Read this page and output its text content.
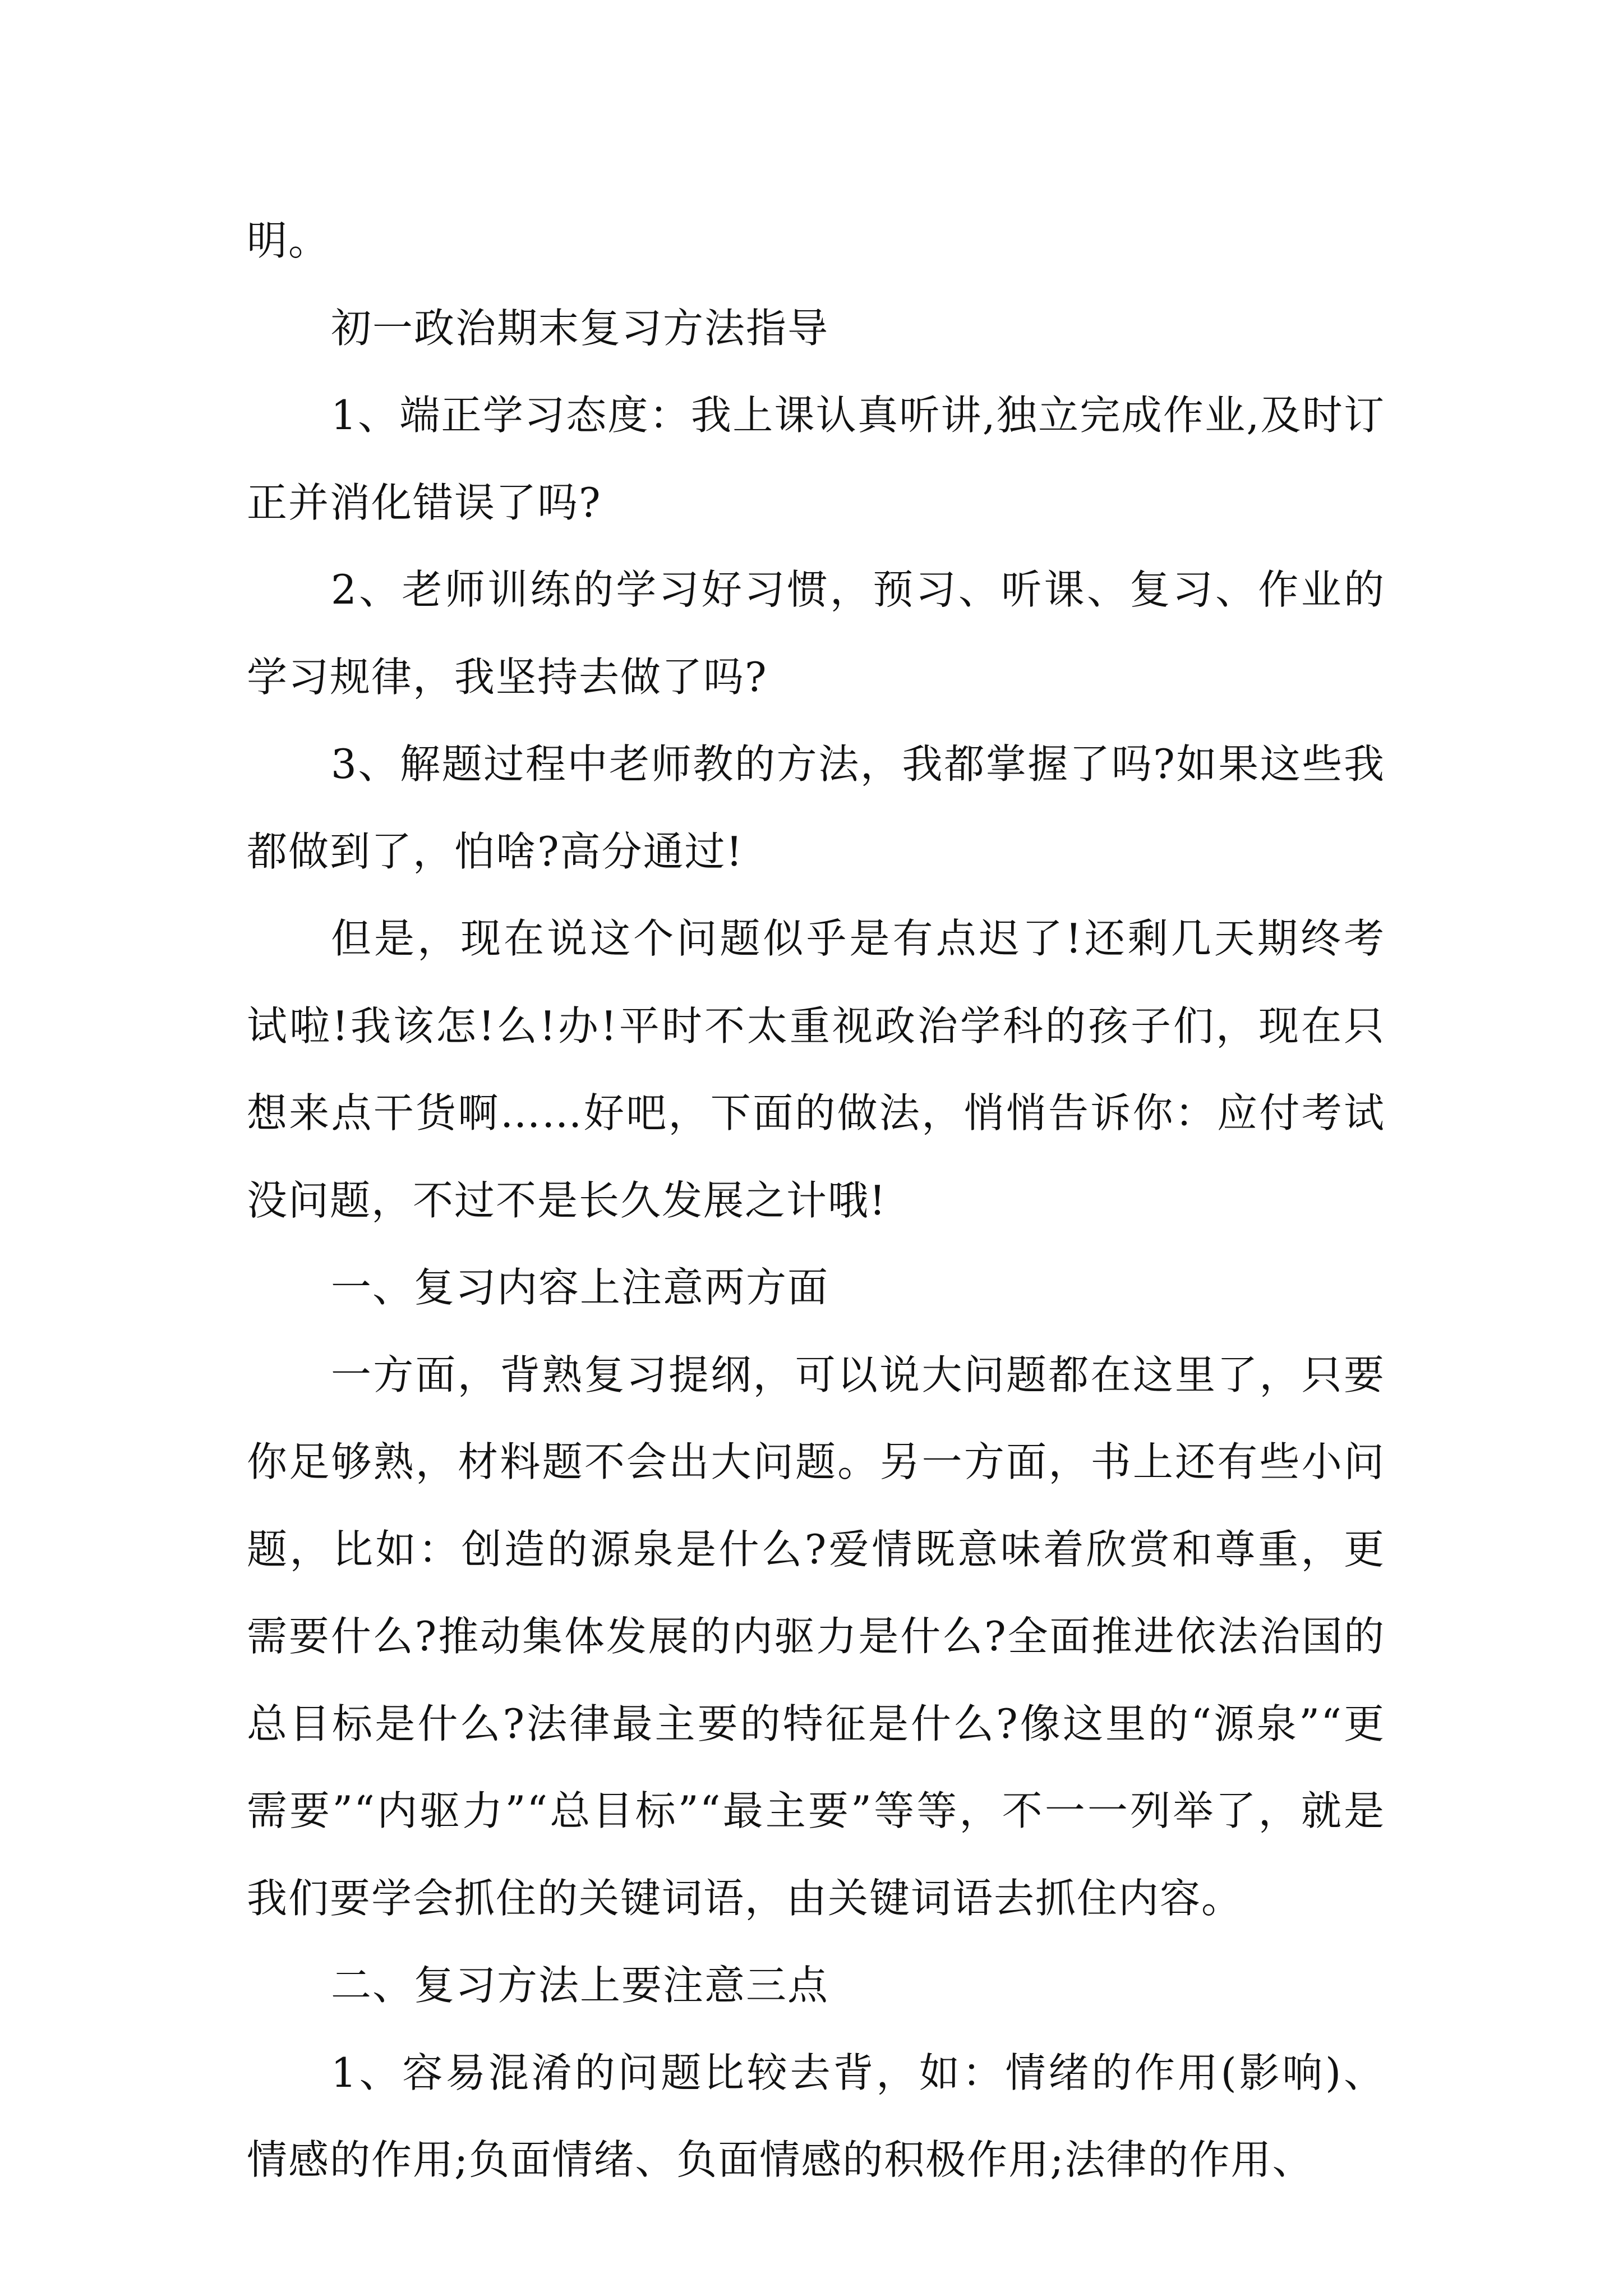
明。

初一政治期末复习方法指导

1、端正学习态度：我上课认真听讲,独立完成作业,及时订正并消化错误了吗?

2、老师训练的学习好习惯，预习、听课、复习、作业的学习规律，我坚持去做了吗?

3、解题过程中老师教的方法，我都掌握了吗?如果这些我都做到了，怕啥?高分通过!

但是，现在说这个问题似乎是有点迟了!还剩几天期终考试啦!我该怎!么!办!平时不太重视政治学科的孩子们，现在只想来点干货啊……好吧，下面的做法，悄悄告诉你：应付考试没问题，不过不是长久发展之计哦!

一、复习内容上注意两方面

一方面，背熟复习提纲，可以说大问题都在这里了，只要你足够熟，材料题不会出大问题。另一方面，书上还有些小问题，比如：创造的源泉是什么?爱情既意味着欣赏和尊重，更需要什么?推动集体发展的内驱力是什么?全面推进依法治国的总目标是什么?法律最主要的特征是什么?像这里的“源泉”“更需要”“内驱力”“总目标”“最主要”等等，不一一列举了，就是我们要学会抓住的关键词语，由关键词语去抓住内容。

二、复习方法上要注意三点

1、容易混淆的问题比较去背，如：情绪的作用(影响)、情感的作用;负面情绪、负面情感的积极作用;法律的作用、
